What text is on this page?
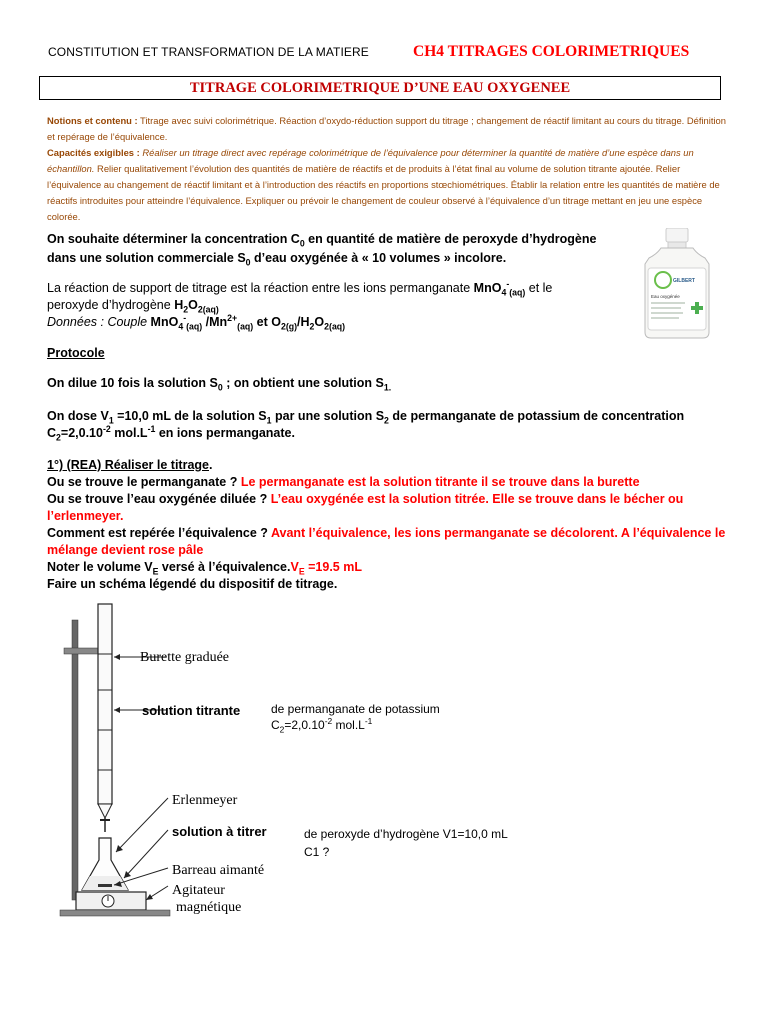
CONSTITUTION ET TRANSFORMATION DE LA MATIERE	CH4 TITRAGES COLORIMETRIQUES
TITRAGE COLORIMETRIQUE D’UNE EAU OXYGENEE
Notions et contenu : Titrage avec suivi colorimétrique. Réaction d’oxydo-réduction support du titrage ; changement de réactif limitant au cours du titrage. Définition et repérage de l’équivalence.
Capacités exigibles : Réaliser un titrage direct avec repérage colorimétrique de l’équivalence pour déterminer la quantité de matière d’une espèce dans un échantillon. Relier qualitativement l’évolution des quantités de matière de réactifs et de produits à l’état final au volume de solution titrante ajoutée. Relier l’équivalence au changement de réactif limitant et à l’introduction des réactifs en proportions stœchiométriques. Établir la relation entre les quantités de matière de réactifs introduites pour atteindre l’équivalence. Expliquer ou prévoir le changement de couleur observé à l’équivalence d’un titrage mettant en jeu une espèce colorée.
On souhaite déterminer la concentration $C_0$ en quantité de matière de peroxyde d’hydrogène
dans une solution commerciale $S_0$ d’eau oxygénée à « 10 volumes » incolore.
La réaction de support de titrage est la réaction entre les ions permanganate MnO$_4$-$_{(aq)}$ et le
peroxyde d’hydrogène $H_2O_{2(aq)}$
Données : Couple MnO$_4$-$_{(aq)}$ $/Mn^{2+}_{(aq)}$ et $O_{2(g)}/H_2O_{2(aq)}$
GILBERT
Eau oxygénée
Protocole
On dilue 10 fois la solution $S_0$ ; on obtient une solution $S_{1.}$
On dose $V_1 =10,0$ mL de la solution $S_1$ par une solution $S_2$ de permanganate de potassium de concentration
$C_2=2,0.10^{-2}$ $mol.L^{-1}$ en ions permanganate.
1°) (REA) Réaliser le titrage.
Ou se trouve le permanganate ? Le permanganate est la solution titrante il se trouve dans la burette
Ou se trouve l’eau oxygénée diluée ? L’eau oxygénée est la solution titrée. Elle se trouve dans le bécher ou l’erlenmeyer.
Comment est repérée l’équivalence ? Avant l’équivalence, les ions permanganate se décolorent. A l’équivalence le mélange devient rose pâle
Noter le volume $V_E$ versé à $l’équivalence.V_E =19.5$ mL
Faire un schéma légendé du dispositif de titrage.
Burette graduée
solution titrante
Erlenmeyer
solution à titrer
Barreau aimanté
Agitateur
magnétique
de permanganate de potassium
$C_2=2,0.10^{-2}$ $mol.L^{-1}$
de peroxyde d’hydrogène V1=10,0 mL
C1 ?
